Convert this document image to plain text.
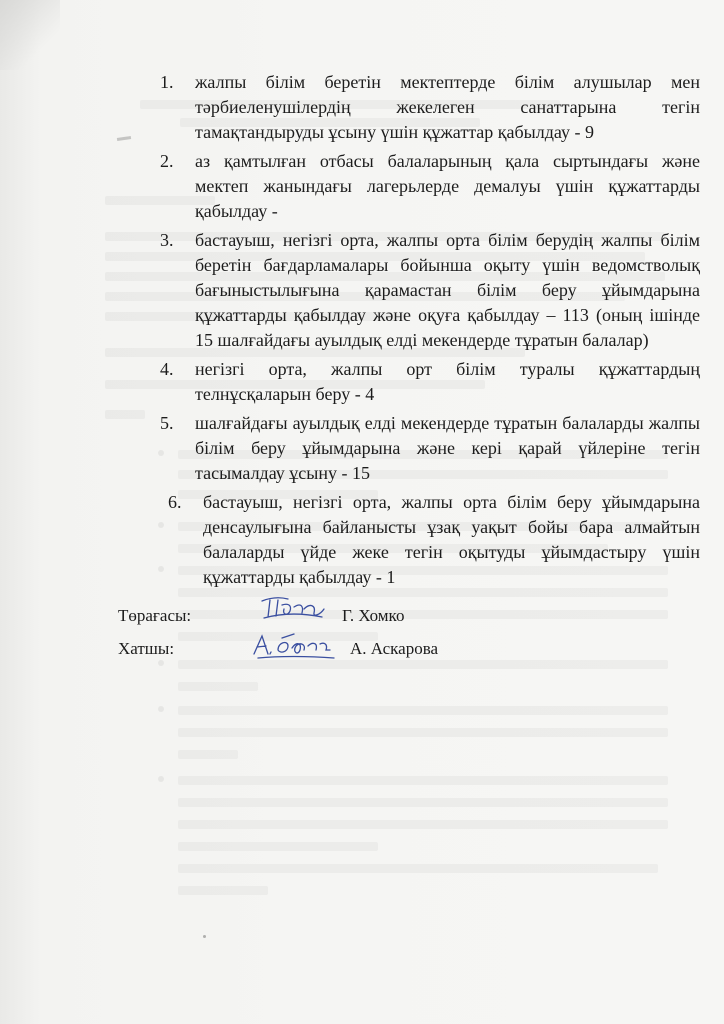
1.	жалпы білім беретін мектептерде білім алушылар мен тәрбиеленушілердің жекелеген санаттарына тегін тамақтандыруды ұсыну үшін құжаттар қабылдау - 9
2.	аз қамтылған отбасы балаларының қала сыртындағы және мектеп жанындағы лагерьлерде демалуы үшін құжаттарды қабылдау -
3.	бастауыш, негізгі орта, жалпы орта білім берудің жалпы білім беретін бағдарламалары бойынша оқыту үшін ведомстволық бағыныстылығына қарамастан білім беру ұйымдарына құжаттарды қабылдау және оқуға қабылдау – 113 (оның ішінде 15 шалғайдағы ауылдық елді мекендерде тұратын балалар)
4.	негізгі орта, жалпы орт білім туралы құжаттардың телнұсқаларын беру - 4
5.	шалғайдағы ауылдық елді мекендерде тұратын балаларды жалпы білім беру ұйымдарына және кері қарай үйлеріне тегін тасымалдау ұсыну - 15
6.	бастауыш, негізгі орта, жалпы орта білім беру ұйымдарына денсаулығына байланысты ұзақ уақыт бойы бара алмайтын балаларды үйде жеке тегін оқытуды ұйымдастыру үшін құжаттарды қабылдау - 1
Төрағасы:	Г. Хомко
Хатшы:	А. Аскарова
